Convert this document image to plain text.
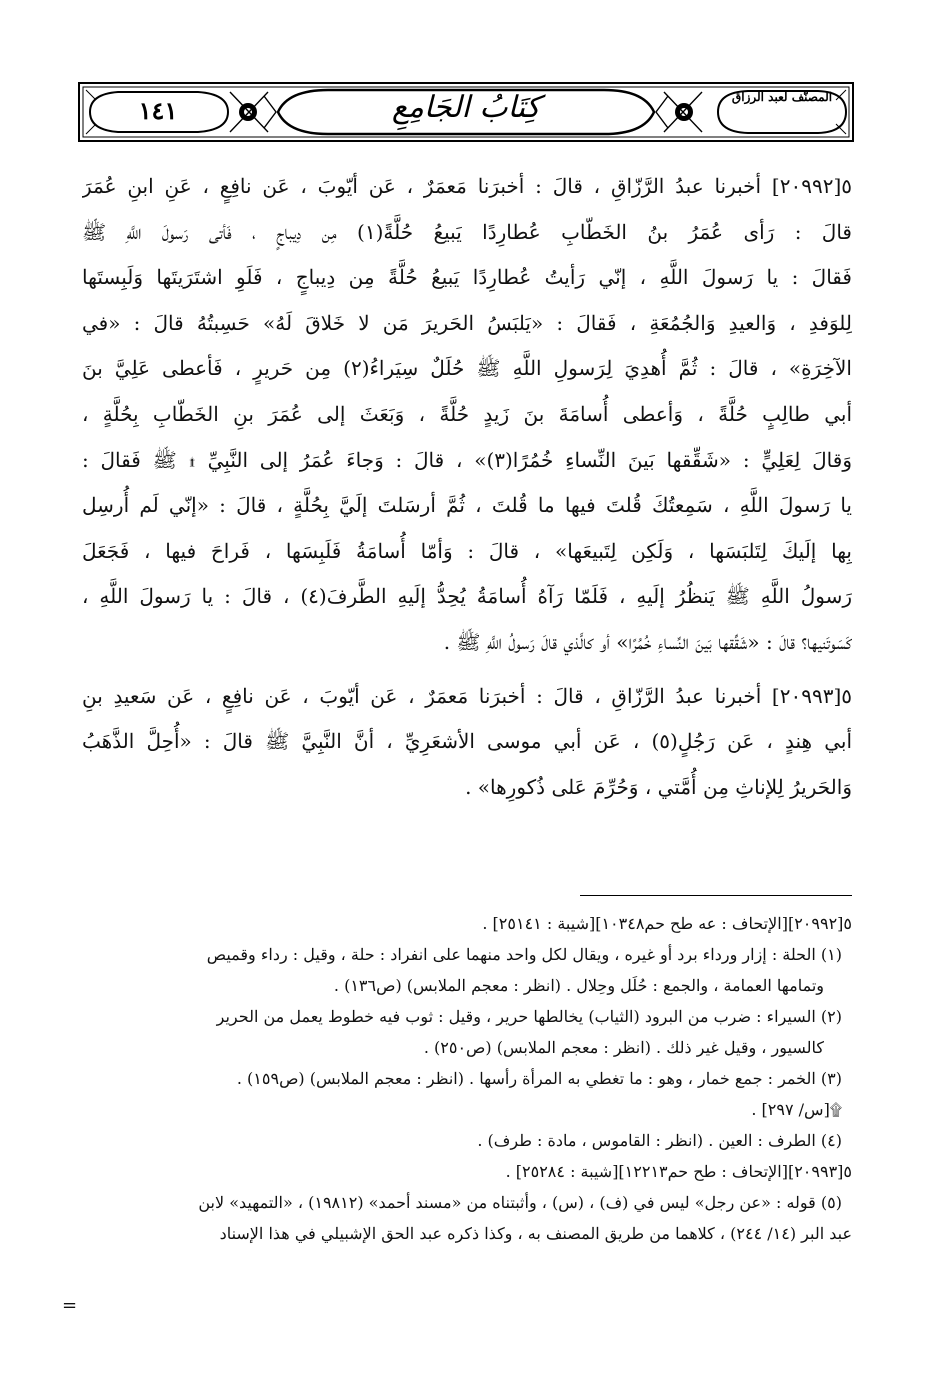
١٤١	كِتَابُ الجَامِعِ	المصنّف لعبد الرزاق
٥[٢٠٩٩٢] أخبرنا عبدُ الرَّزّاقِ ، قالَ : أخبرَنا مَعمَرٌ ، عَن أيّوبَ ، عَن نافِعٍ ، عَنِ ابنِ عُمَرَ
قالَ : رَأى عُمَرُ بنُ الخَطّابِ عُطارِدًا يَبيعُ حُلَّةً(١) مِن دِيباجٍ ، فَأتى رَسولَ اللَّهِ ﷺ
فَقالَ : يا رَسولَ اللَّهِ ، إنّي رَأيتُ عُطارِدًا يَبيعُ حُلَّةً مِن دِيباجٍ ، فَلَوِ اشتَرَيتَها وَلَبِستَها
لِلوَفدِ ، وَالعيدِ وَالجُمُعَةِ ، فَقالَ : «يَلبَسُ الحَريرَ مَن لا خَلاقَ لَهُ» حَسِبتُهُ قالَ : «في
الآخِرَةِ» ، قالَ : ثُمَّ أُهدِيَ لِرَسولِ اللَّهِ ﷺ حُلَلٌ سِيَراءُ(٢) مِن حَريرٍ ، فَأعطى عَلِيَّ بنَ
أبي طالِبٍ حُلَّةً ، وَأعطى أُسامَةَ بنَ زَيدٍ حُلَّةً ، وَبَعَثَ إلى عُمَرَ بنِ الخَطّابِ بِحُلَّةٍ ،
وَقالَ لِعَلِيٍّ : «شَقِّقها بَينَ النِّساءِ خُمُرًا(٣)» ، قالَ : وَجاءَ عُمَرُ إلى النَّبِيِّ ۩ ﷺ فَقالَ :
يا رَسولَ اللَّهِ ، سَمِعتُكَ قُلتَ فيها ما قُلتَ ، ثُمَّ أرسَلتَ إلَيَّ بِحُلَّةٍ ، قالَ : «إنّي لَم أُرسِل
بِها إلَيكَ لِتَلبَسَها ، وَلَكِن لِتَبيعَها» ، قالَ : وَأمّا أُسامَةُ فَلَبِسَها ، فَراحَ فيها ، فَجَعَلَ
رَسولُ اللَّهِ ﷺ يَنظُرُ إلَيهِ ، فَلَمّا رَآهُ أُسامَةُ يُحِدُّ إلَيهِ الطَّرفَ(٤) ، قالَ : يا رَسولَ اللَّهِ ،
كَسَوتَنيها؟ قالَ : «شَقِّقها بَينَ النِّساءِ خُمُرًا» أو كالَّذي قالَ رَسولُ اللَّهِ ﷺ .
٥[٢٠٩٩٣] أخبرنا عبدُ الرَّزّاقِ ، قالَ : أخبرَنا مَعمَرٌ ، عَن أيّوبَ ، عَن نافِعٍ ، عَن سَعيدِ بنِ
أبي هِندٍ ، عَن رَجُلٍ(٥) ، عَن أبي موسى الأشعَرِيِّ ، أنَّ النَّبِيَّ ﷺ قالَ : «أُحِلَّ الذَّهَبُ
وَالحَريرُ لِلإناثِ مِن أُمَّتي ، وَحُرِّمَ عَلى ذُكورِها» .
٥[٢٠٩٩٢][الإتحاف : عه طح حم١٠٣٤٨][شيبة : ٢٥١٤١] .
(١) الحلة : إزار ورداء برد أو غيره ، ويقال لكل واحد منهما على انفراد : حلة ، وقيل : رداء وقميص
وتمامها العمامة ، والجمع : حُلَل وحِلال . (انظر : معجم الملابس) (ص١٣٦) .
(٢) السيراء : ضرب من البرود (الثياب) يخالطها حرير ، وقيل : ثوب فيه خطوط يعمل من الحرير
كالسيور ، وقيل غير ذلك . (انظر : معجم الملابس) (ص٢٥٠) .
(٣) الخمر : جمع خمار ، وهو : ما تغطي به المرأة رأسها . (انظر : معجم الملابس) (ص١٥٩) .
۩[س/ ٢٩٧] .
(٤) الطرف : العين . (انظر : القاموس ، مادة : طرف) .
٥[٢٠٩٩٣][الإتحاف : طح حم١٢٢١٣][شيبة : ٢٥٢٨٤] .
(٥) قوله : «عن رجل» ليس في (ف) ، (س) ، وأثبتناه من «مسند أحمد» (١٩٨١٢) ، «التمهيد» لابن
عبد البر (١٤/ ٢٤٤) ، كلاهما من طريق المصنف به ، وكذا ذكره عبد الحق الإشبيلي في هذا الإسناد
=
